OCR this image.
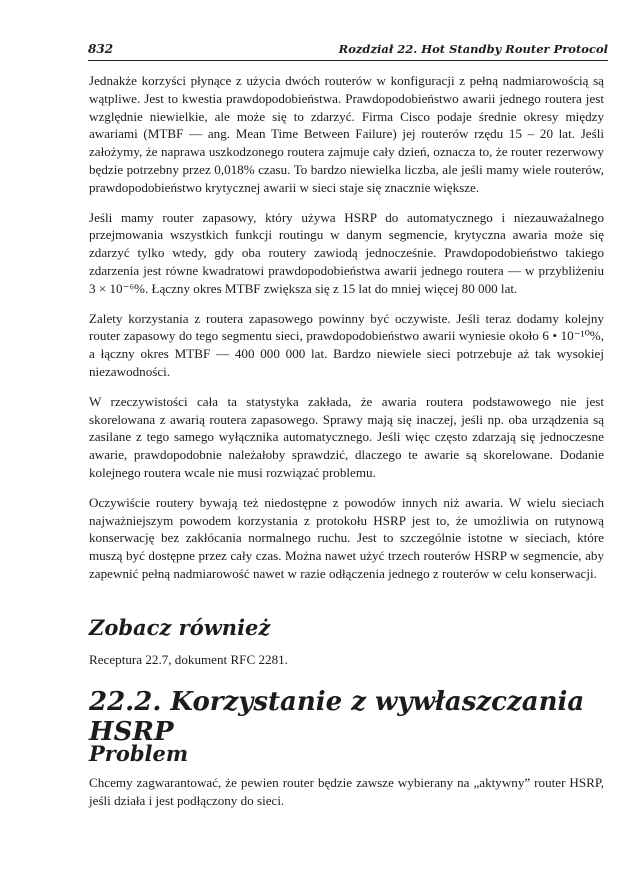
832	Rozdział 22. Hot Standby Router Protocol

Jednakże korzyści płynące z użycia dwóch routerów w konfiguracji z pełną nadmiarowością są wątpliwe. Jest to kwestia prawdopodobieństwa. Prawdopodobieństwo awarii jednego routera jest względnie niewielkie, ale może się to zdarzyć. Firma Cisco podaje średnie okresy między awariami (MTBF — ang. Mean Time Between Failure) jej routerów rzędu 15 – 20 lat. Jeśli założymy, że naprawa uszkodzonego routera zajmuje cały dzień, oznacza to, że router rezerwowy będzie potrzebny przez 0,018% czasu. To bardzo niewielka liczba, ale jeśli mamy wiele routerów, prawdopodobieństwo krytycznej awarii w sieci staje się znacznie większe.

Jeśli mamy router zapasowy, który używa HSRP do automatycznego i niezauważalnego przejmowania wszystkich funkcji routingu w danym segmencie, krytyczna awaria może się zdarzyć tylko wtedy, gdy oba routery zawiodą jednocześnie. Prawdopodobieństwo takiego zdarzenia jest równe kwadratowi prawdopodobieństwa awarii jednego routera — w przybliżeniu 3 × 10⁻⁶%. Łączny okres MTBF zwiększa się z 15 lat do mniej więcej 80 000 lat.

Zalety korzystania z routera zapasowego powinny być oczywiste. Jeśli teraz dodamy kolejny router zapasowy do tego segmentu sieci, prawdopodobieństwo awarii wyniesie około 6 • 10⁻¹⁰%, a łączny okres MTBF — 400 000 000 lat. Bardzo niewiele sieci potrzebuje aż tak wysokiej niezawodności.

W rzeczywistości cała ta statystyka zakłada, że awaria routera podstawowego nie jest skorelowana z awarią routera zapasowego. Sprawy mają się inaczej, jeśli np. oba urządzenia są zasilane z tego samego wyłącznika automatycznego. Jeśli więc często zdarzają się jednoczesne awarie, prawdopodobnie należałoby sprawdzić, dlaczego te awarie są skorelowane. Dodanie kolejnego routera wcale nie musi rozwiązać problemu.

Oczywiście routery bywają też niedostępne z powodów innych niż awaria. W wielu sieciach najważniejszym powodem korzystania z protokołu HSRP jest to, że umożliwia on rutynową konserwację bez zakłócania normalnego ruchu. Jest to szczególnie istotne w sieciach, które muszą być dostępne przez cały czas. Można nawet użyć trzech routerów HSRP w segmencie, aby zapewnić pełną nadmiarowość nawet w razie odłączenia jednego z routerów w celu konserwacji.

Zobacz również
Receptura 22.7, dokument RFC 2281.
22.2. Korzystanie z wywłaszczania HSRP
Problem
Chcemy zagwarantować, że pewien router będzie zawsze wybierany na „aktywny” router HSRP, jeśli działa i jest podłączony do sieci.
